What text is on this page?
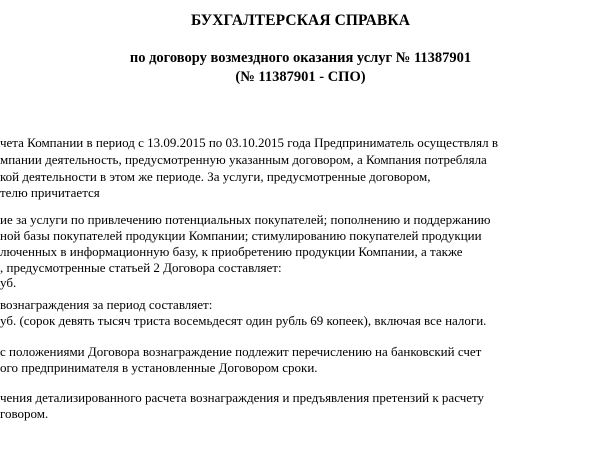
БУХГАЛТЕРСКАЯ СПРАВКА
по договору возмездного оказания услуг № 11387901
(№ 11387901 - СПО)
чета Компании в период с 13.09.2015 по 03.10.2015 года Предприниматель осуществлял в
мпании деятельность, предусмотренную указанным договором, а Компания потребляла
кой деятельности в этом же периоде. За услуги, предусмотренные договором,
телю причитается
ие за услуги по привлечению потенциальных покупателей; пополнению и поддержанию
ной базы покупателей продукции Компании; стимулированию покупателей продукции
люченных в информационную базу, к приобретению продукции Компании, а также
, предусмотренные статьей 2 Договора составляет:
уб.
вознаграждения за период составляет:
уб. (сорок девять тысяч триста восемьдесят один рубль 69 копеек), включая все налоги.
с положениями Договора вознаграждение подлежит перечислению на банковский счет
ого предпринимателя в установленные Договором сроки.
чения детализированного расчета вознаграждения и предъявления претензий к расчету
говором.
